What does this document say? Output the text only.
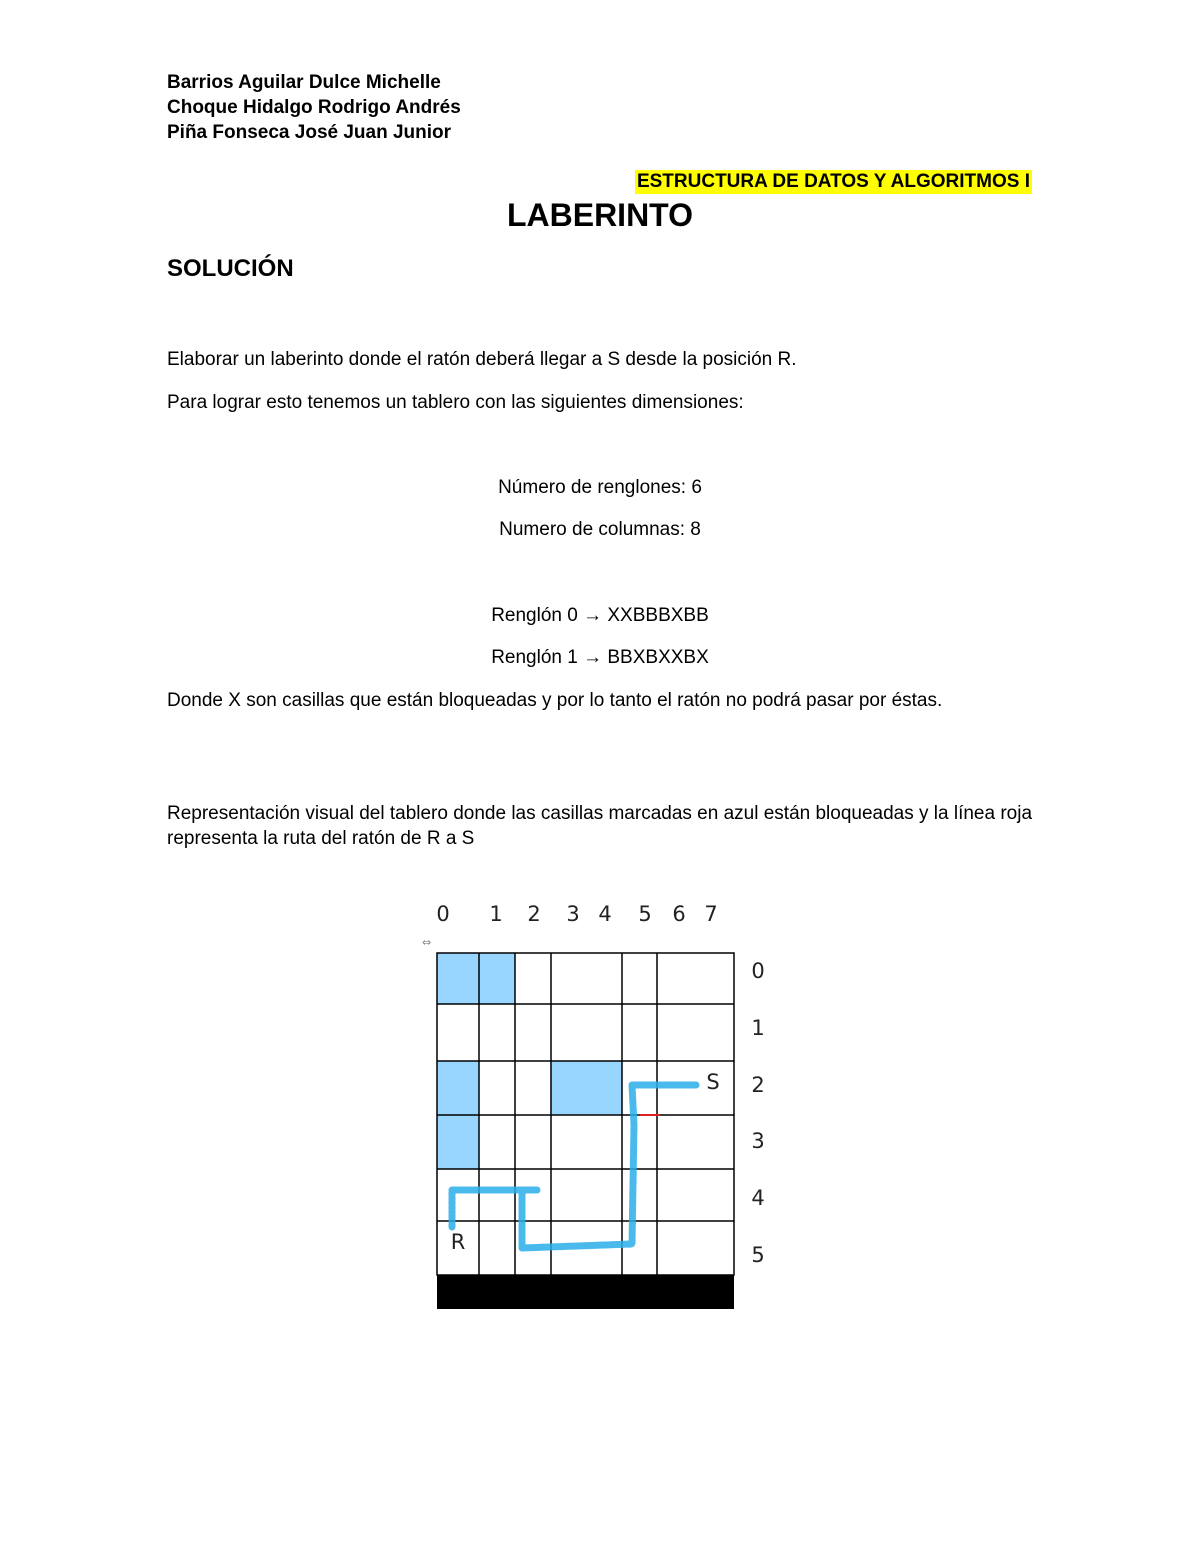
Barrios Aguilar Dulce Michelle
Choque Hidalgo Rodrigo Andrés
Piña Fonseca José Juan Junior
ESTRUCTURA DE DATOS Y ALGORITMOS I
LABERINTO
SOLUCIÓN
Elaborar un laberinto donde el ratón deberá llegar a S desde la posición R.
Para lograr esto tenemos un tablero con las siguientes dimensiones:
Número de renglones: 6
Numero de columnas: 8
Renglón 0 → XXBBBXBB
Renglón 1 → BBXBXXBX
Donde X son casillas que están bloqueadas y por lo tanto el ratón no podrá pasar por éstas.
Representación visual del tablero donde las casillas marcadas en azul están bloqueadas y la línea roja representa la ruta del ratón de R a S
⇔
0 1 2 3 4 5 6 7
0
1
2
3
4
5
R
S
